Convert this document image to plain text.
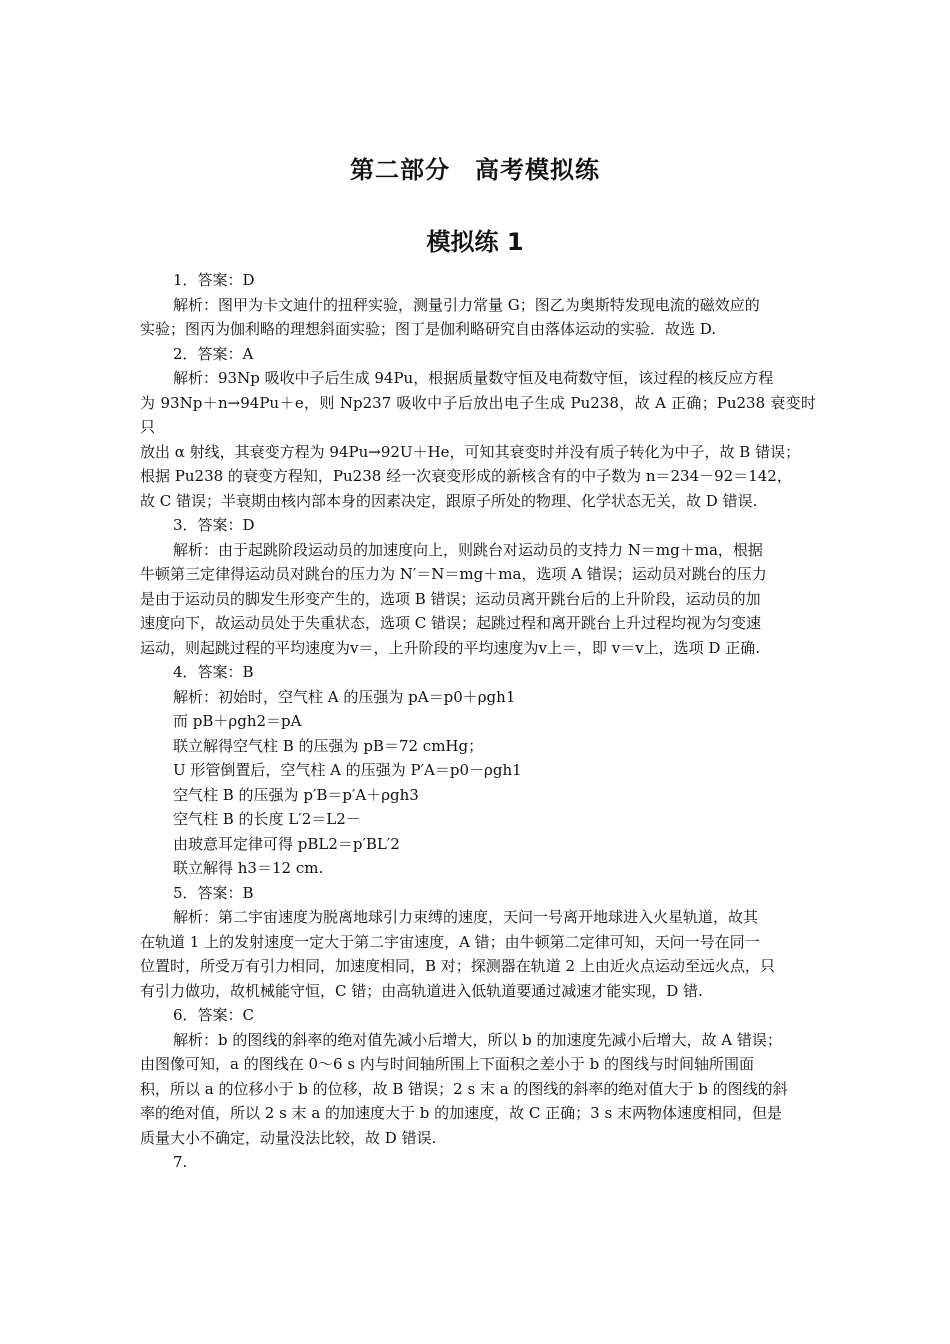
第二部分　高考模拟练
模拟练 1
1．答案：D
解析：图甲为卡文迪什的扭秤实验，测量引力常量 G；图乙为奥斯特发现电流的磁效应的
实验；图丙为伽利略的理想斜面实验；图丁是伽利略研究自由落体运动的实验．故选 D.
2．答案：A
解析：93Np 吸收中子后生成 94Pu，根据质量数守恒及电荷数守恒，该过程的核反应方程
为 93Np＋n→94Pu＋e，则 Np237 吸收中子后放出电子生成 Pu238，故 A 正确；Pu238 衰变时只
放出 α 射线，其衰变方程为 94Pu→92U＋He，可知其衰变时并没有质子转化为中子，故 B 错误；
根据 Pu238 的衰变方程知，Pu238 经一次衰变形成的新核含有的中子数为 n＝234－92＝142，
故 C 错误；半衰期由核内部本身的因素决定，跟原子所处的物理、化学状态无关，故 D 错误.
3．答案：D
解析：由于起跳阶段运动员的加速度向上，则跳台对运动员的支持力 N＝mg＋ma，根据
牛顿第三定律得运动员对跳台的压力为 N′＝N＝mg＋ma，选项 A 错误；运动员对跳台的压力
是由于运动员的脚发生形变产生的，选项 B 错误；运动员离开跳台后的上升阶段，运动员的加
速度向下，故运动员处于失重状态，选项 C 错误；起跳过程和离开跳台上升过程均视为匀变速
运动，则起跳过程的平均速度为v＝，上升阶段的平均速度为v上＝，即 v＝v上，选项 D 正确.
4．答案：B
解析：初始时，空气柱 A 的压强为 pA＝p0＋ρgh1
而 pB＋ρgh2＝pA
联立解得空气柱 B 的压强为 pB＝72 cmHg；
U 形管倒置后，空气柱 A 的压强为 P′A＝p0－ρgh1
空气柱 B 的压强为 p′B＝p′A＋ρgh3
空气柱 B 的长度 L′2＝L2－
由玻意耳定律可得 pBL2＝p′BL′2
联立解得 h3＝12 cm.
5．答案：B
解析：第二宇宙速度为脱离地球引力束缚的速度，天问一号离开地球进入火星轨道，故其
在轨道 1 上的发射速度一定大于第二宇宙速度，A 错；由牛顿第二定律可知，天问一号在同一
位置时，所受万有引力相同，加速度相同，B 对；探测器在轨道 2 上由近火点运动至远火点，只
有引力做功，故机械能守恒，C 错；由高轨道进入低轨道要通过减速才能实现，D 错.
6．答案：C
解析：b 的图线的斜率的绝对值先减小后增大，所以 b 的加速度先减小后增大，故 A 错误；
由图像可知，a 的图线在 0～6 s 内与时间轴所围上下面积之差小于 b 的图线与时间轴所围面
积，所以 a 的位移小于 b 的位移，故 B 错误；2 s 末 a 的图线的斜率的绝对值大于 b 的图线的斜
率的绝对值，所以 2 s 末 a 的加速度大于 b 的加速度，故 C 正确；3 s 末两物体速度相同，但是
质量大小不确定，动量没法比较，故 D 错误.
7.
